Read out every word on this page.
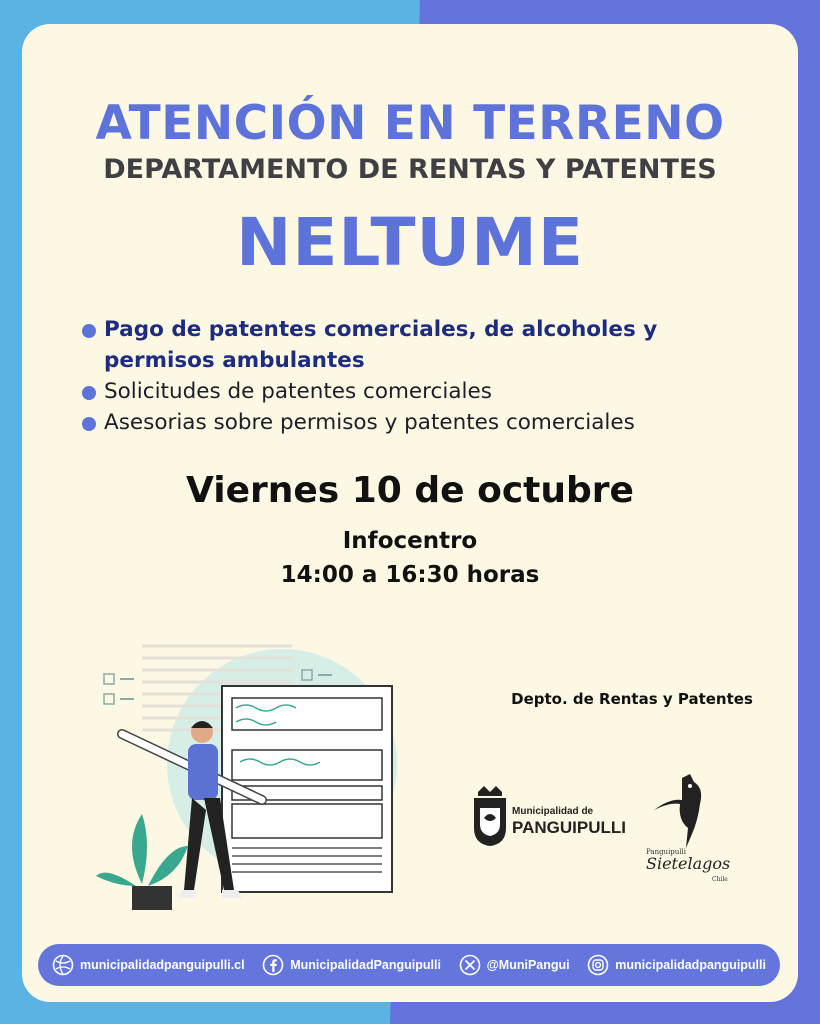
ATENCIÓN EN TERRENO
DEPARTAMENTO DE RENTAS Y PATENTES
NELTUME
Pago de patentes comerciales, de alcoholes y permisos ambulantes
Solicitudes de patentes comerciales
Asesorias sobre permisos y patentes comerciales
Viernes 10 de octubre
Infocentro
14:00 a 16:30 horas
Depto. de Rentas y Patentes
Municipalidad de
PANGUIPULLI
Panguipulli
Sietelagos
Chile
municipalidadpanguipulli.cl	MunicipalidadPanguipulli	@MuniPangui	municipalidadpanguipulli
